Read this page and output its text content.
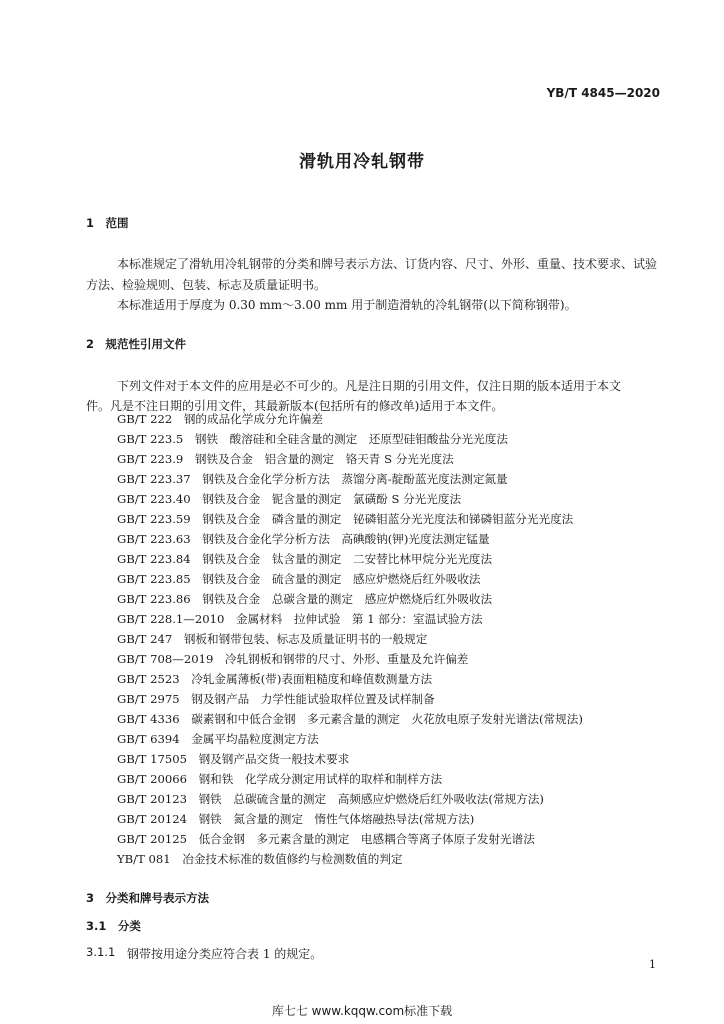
YB/T 4845—2020
滑轨用冷轧钢带
1　范围
本标准规定了滑轨用冷轧钢带的分类和牌号表示方法、订货内容、尺寸、外形、重量、技术要求、试验
方法、检验规则、包装、标志及质量证明书。
本标准适用于厚度为 0.30 mm～3.00 mm 用于制造滑轨的冷轧钢带(以下简称钢带)。
2　规范性引用文件
下列文件对于本文件的应用是必不可少的。凡是注日期的引用文件，仅注日期的版本适用于本文
件。凡是不注日期的引用文件，其最新版本(包括所有的修改单)适用于本文件。
GB/T 222　钢的成品化学成分允许偏差
GB/T 223.5　钢铁　酸溶硅和全硅含量的测定　还原型硅钼酸盐分光光度法
GB/T 223.9　钢铁及合金　铝含量的测定　铬天青 S 分光光度法
GB/T 223.37　钢铁及合金化学分析方法　蒸馏分离-靛酚蓝光度法测定氮量
GB/T 223.40　钢铁及合金　铌含量的测定　氯磺酚 S 分光光度法
GB/T 223.59　钢铁及合金　磷含量的测定　铋磷钼蓝分光光度法和锑磷钼蓝分光光度法
GB/T 223.63　钢铁及合金化学分析方法　高碘酸钠(钾)光度法测定锰量
GB/T 223.84　钢铁及合金　钛含量的测定　二安替比林甲烷分光光度法
GB/T 223.85　钢铁及合金　硫含量的测定　感应炉燃烧后红外吸收法
GB/T 223.86　钢铁及合金　总碳含量的测定　感应炉燃烧后红外吸收法
GB/T 228.1—2010　金属材料　拉伸试验　第 1 部分：室温试验方法
GB/T 247　钢板和钢带包装、标志及质量证明书的一般规定
GB/T 708—2019　冷轧钢板和钢带的尺寸、外形、重量及允许偏差
GB/T 2523　冷轧金属薄板(带)表面粗糙度和峰值数测量方法
GB/T 2975　钢及钢产品　力学性能试验取样位置及试样制备
GB/T 4336　碳素钢和中低合金钢　多元素含量的测定　火花放电原子发射光谱法(常规法)
GB/T 6394　金属平均晶粒度测定方法
GB/T 17505　钢及钢产品交货一般技术要求
GB/T 20066　钢和铁　化学成分测定用试样的取样和制样方法
GB/T 20123　钢铁　总碳硫含量的测定　高频感应炉燃烧后红外吸收法(常规方法)
GB/T 20124　钢铁　氮含量的测定　惰性气体熔融热导法(常规方法)
GB/T 20125　低合金钢　多元素含量的测定　电感耦合等离子体原子发射光谱法
YB/T 081　冶金技术标准的数值修约与检测数值的判定
3　分类和牌号表示方法
3.1　分类
3.1.1 钢带按用途分类应符合表 1 的规定。
1
库七七 www.kqqw.com标准下载
